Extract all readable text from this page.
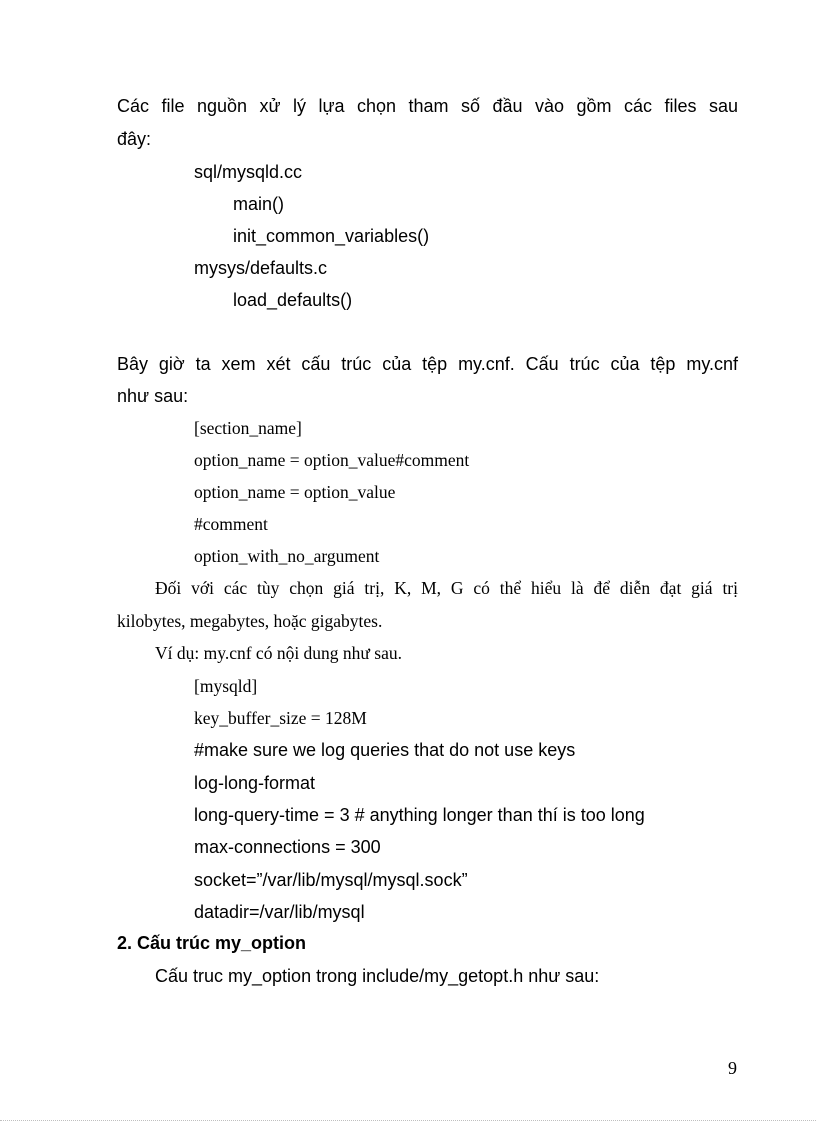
Các file nguồn xử lý lựa chọn tham số đầu vào gồm các files sau
đây:
sql/mysqld.cc
main()
init_common_variables()
mysys/defaults.c
load_defaults()
Bây giờ ta xem xét cấu trúc của tệp my.cnf. Cấu trúc của tệp my.cnf
như sau:
[section_name]
option_name = option_value#comment
option_name = option_value
#comment
option_with_no_argument
Đối với các tùy chọn giá trị, K, M, G có thể hiểu là để diễn đạt giá trị
kilobytes, megabytes, hoặc gigabytes.
Ví dụ: my.cnf có nội dung như sau.
[mysqld]
key_buffer_size = 128M
#make sure we log queries that do not use keys
log-long-format
long-query-time = 3 # anything longer than thí is too long
max-connections = 300
socket=”/var/lib/mysql/mysql.sock”
datadir=/var/lib/mysql
2. Cấu trúc my_option
Cấu truc my_option trong include/my_getopt.h như sau:
9
